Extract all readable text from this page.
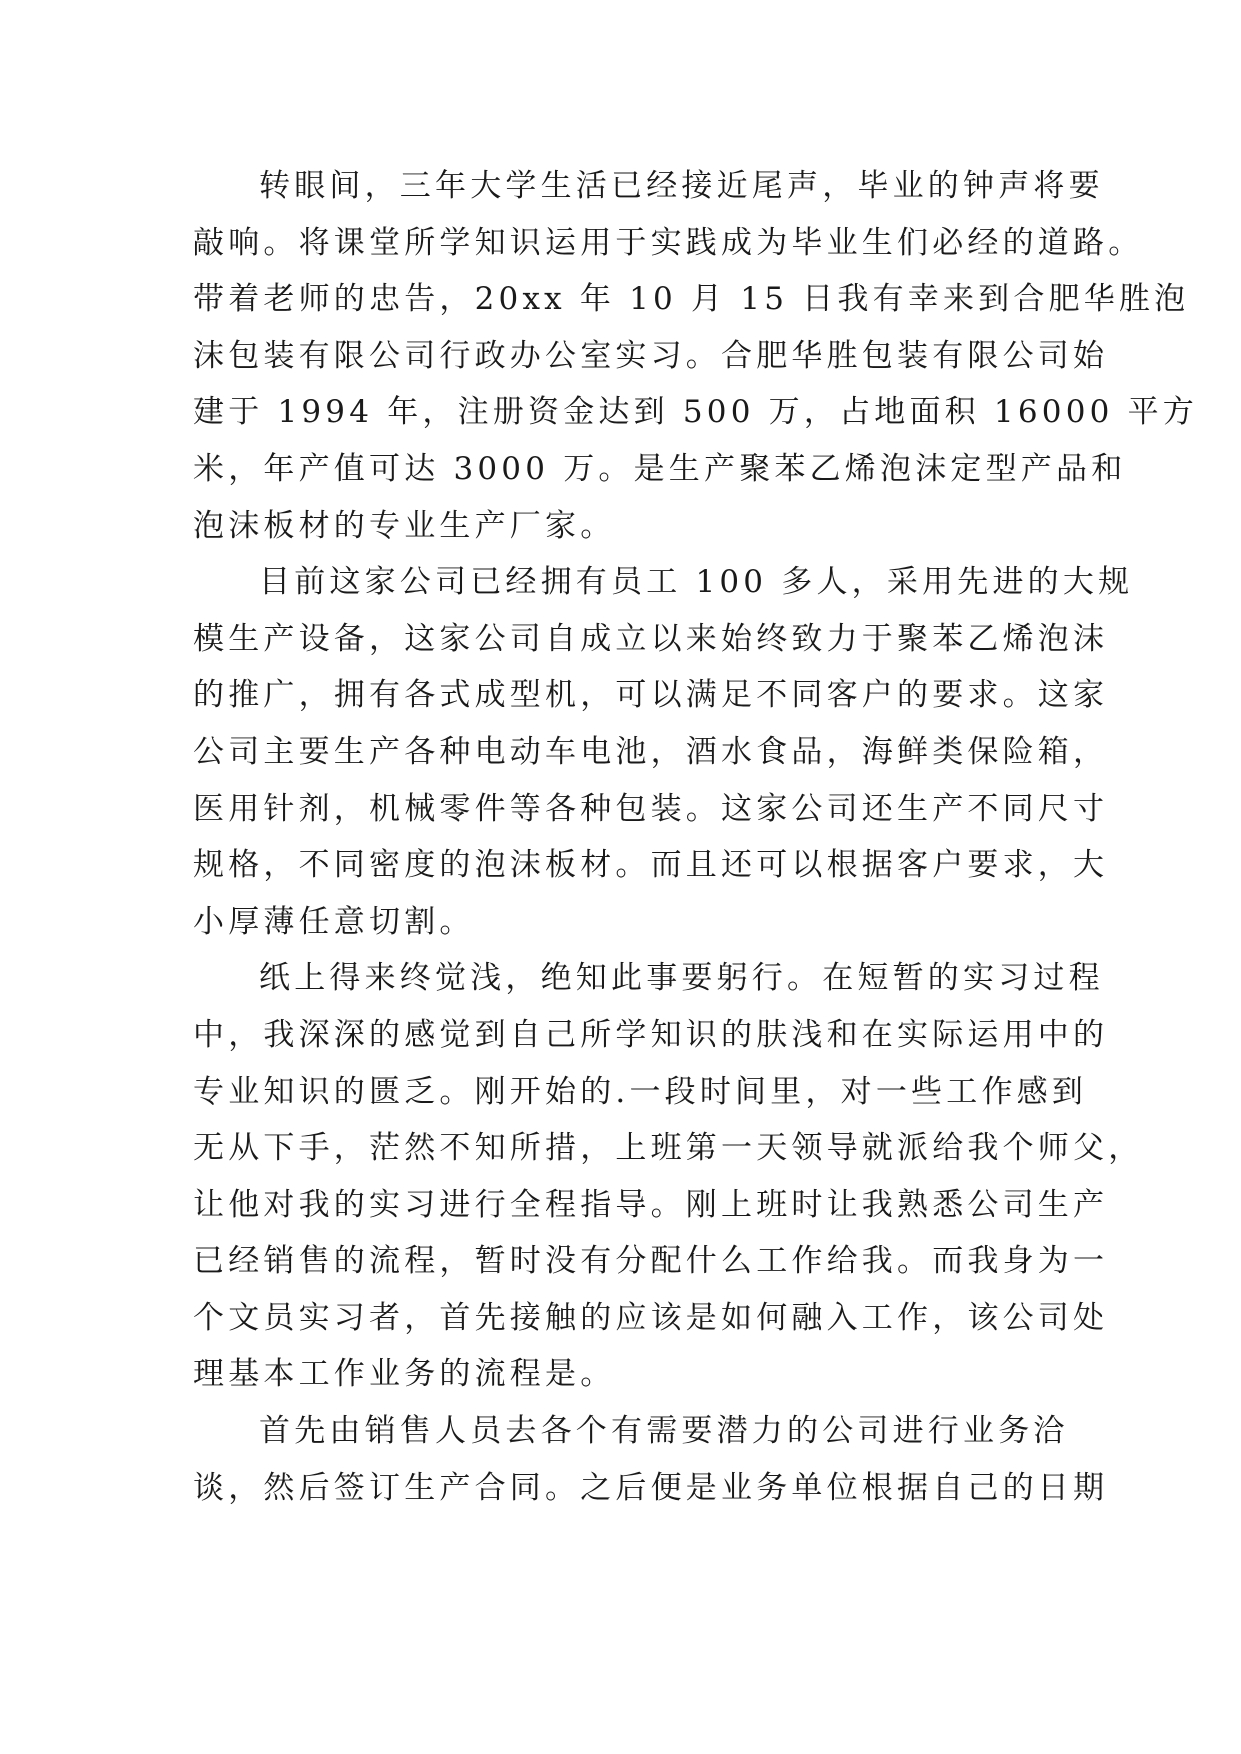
转眼间，三年大学生活已经接近尾声，毕业的钟声将要
敲响。将课堂所学知识运用于实践成为毕业生们必经的道路。
带着老师的忠告，20xx 年 10 月 15 日我有幸来到合肥华胜泡
沫包装有限公司行政办公室实习。合肥华胜包装有限公司始
建于 1994 年，注册资金达到 500 万，占地面积 16000 平方
米，年产值可达 3000 万。是生产聚苯乙烯泡沫定型产品和
泡沫板材的专业生产厂家。
目前这家公司已经拥有员工 100 多人，采用先进的大规
模生产设备，这家公司自成立以来始终致力于聚苯乙烯泡沫
的推广，拥有各式成型机，可以满足不同客户的要求。这家
公司主要生产各种电动车电池，酒水食品，海鲜类保险箱，
医用针剂，机械零件等各种包装。这家公司还生产不同尺寸
规格，不同密度的泡沫板材。而且还可以根据客户要求，大
小厚薄任意切割。
纸上得来终觉浅，绝知此事要躬行。在短暂的实习过程
中，我深深的感觉到自己所学知识的肤浅和在实际运用中的
专业知识的匮乏。刚开始的.一段时间里，对一些工作感到
无从下手，茫然不知所措，上班第一天领导就派给我个师父，
让他对我的实习进行全程指导。刚上班时让我熟悉公司生产
已经销售的流程，暂时没有分配什么工作给我。而我身为一
个文员实习者，首先接触的应该是如何融入工作，该公司处
理基本工作业务的流程是。
首先由销售人员去各个有需要潜力的公司进行业务洽
谈，然后签订生产合同。之后便是业务单位根据自己的日期
